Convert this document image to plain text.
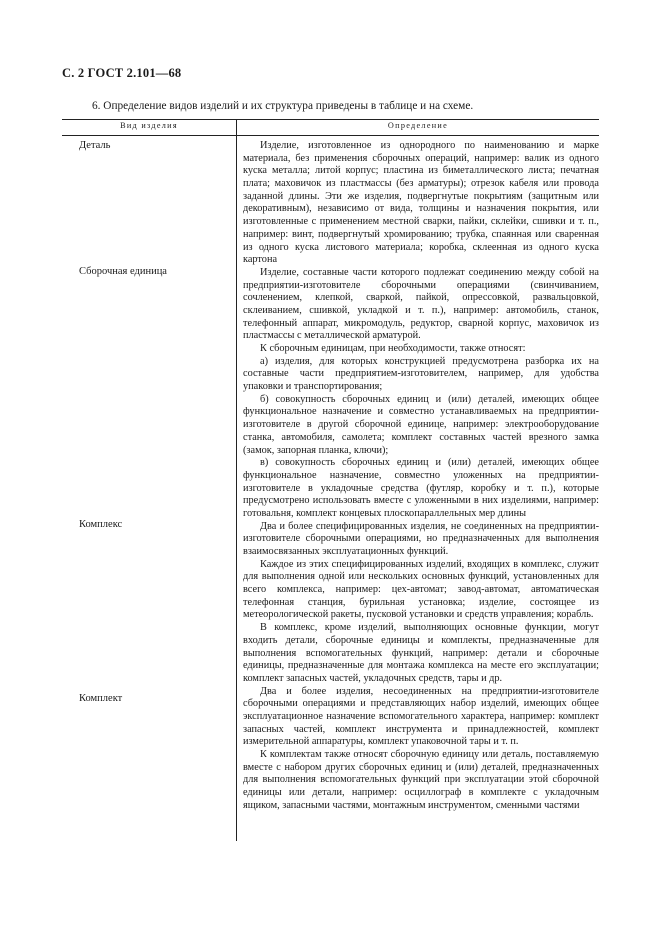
С. 2 ГОСТ 2.101—68
6. Определение видов изделий и их структура приведены в таблице и на схеме.
Вид изделия	Определение
Деталь
Сборочная единица
Комплекс
Комплект

Изделие, изготовленное из однородного по наименованию и марке материала, без применения сборочных операций, например: валик из одного куска металла; литой корпус; пластина из биметаллического листа; печатная плата; маховичок из пластмассы (без арматуры); отрезок кабеля или провода заданной длины. Эти же изделия, подвергнутые покрытиям (защитным или декоративным), независимо от вида, толщины и назначения покрытия, или изготовленные с применением местной сварки, пайки, склейки, сшивки и т. п., например: винт, подвергнутый хромированию; трубка, спаянная или сваренная из одного куска листового материала; коробка, склеенная из одного куска картона

Изделие, составные части которого подлежат соединению между собой на предприятии-изготовителе сборочными операциями (свинчиванием, сочленением, клепкой, сваркой, пайкой, опрессовкой, развальцовкой, склеиванием, сшивкой, укладкой и т. п.), например: автомобиль, станок, телефонный аппарат, микромодуль, редуктор, сварной корпус, маховичок из пластмассы с металлической арматурой.

К сборочным единицам, при необходимости, также относят:

а) изделия, для которых конструкцией предусмотрена разборка их на составные части предприятием-изготовителем, например, для удобства упаковки и транспортирования;

б) совокупность сборочных единиц и (или) деталей, имеющих общее функциональное назначение и совместно устанавливаемых на предприятии-изготовителе в другой сборочной единице, например: электрооборудование станка, автомобиля, самолета; комплект составных частей врезного замка (замок, запорная планка, ключи);

в) совокупность сборочных единиц и (или) деталей, имеющих общее функциональное назначение, совместно уложенных на предприятии-изготовителе в укладочные средства (футляр, коробку и т. п.), которые предусмотрено использовать вместе с уложенными в них изделиями, например: готовальня, комплект концевых плоскопараллельных мер длины

Два и более специфицированных изделия, не соединенных на предприятии-изготовителе сборочными операциями, но предназначенных для выполнения взаимосвязанных эксплуатационных функций.

Каждое из этих специфицированных изделий, входящих в комплекс, служит для выполнения одной или нескольких основных функций, установленных для всего комплекса, например: цех-автомат; завод-автомат, автоматическая телефонная станция, бурильная установка; изделие, состоящее из метеорологической ракеты, пусковой установки и средств управления; корабль.

В комплекс, кроме изделий, выполняющих основные функции, могут входить детали, сборочные единицы и комплекты, предназначенные для выполнения вспомогательных функций, например: детали и сборочные единицы, предназначенные для монтажа комплекса на месте его эксплуатации; комплект запасных частей, укладочных средств, тары и др.

Два и более изделия, несоединенных на предприятии-изготовителе сборочными операциями и представляющих набор изделий, имеющих общее эксплуатационное назначение вспомогательного характера, например: комплект запасных частей, комплект инструмента и принадлежностей, комплект измерительной аппаратуры, комплект упаковочной тары и т. п.

К комплектам также относят сборочную единицу или деталь, поставляемую вместе с набором других сборочных единиц и (или) деталей, предназначенных для выполнения вспомогательных функций при эксплуатации этой сборочной единицы или детали, например: осциллограф в комплекте с укладочным ящиком, запасными частями, монтажным инструментом, сменными частями
